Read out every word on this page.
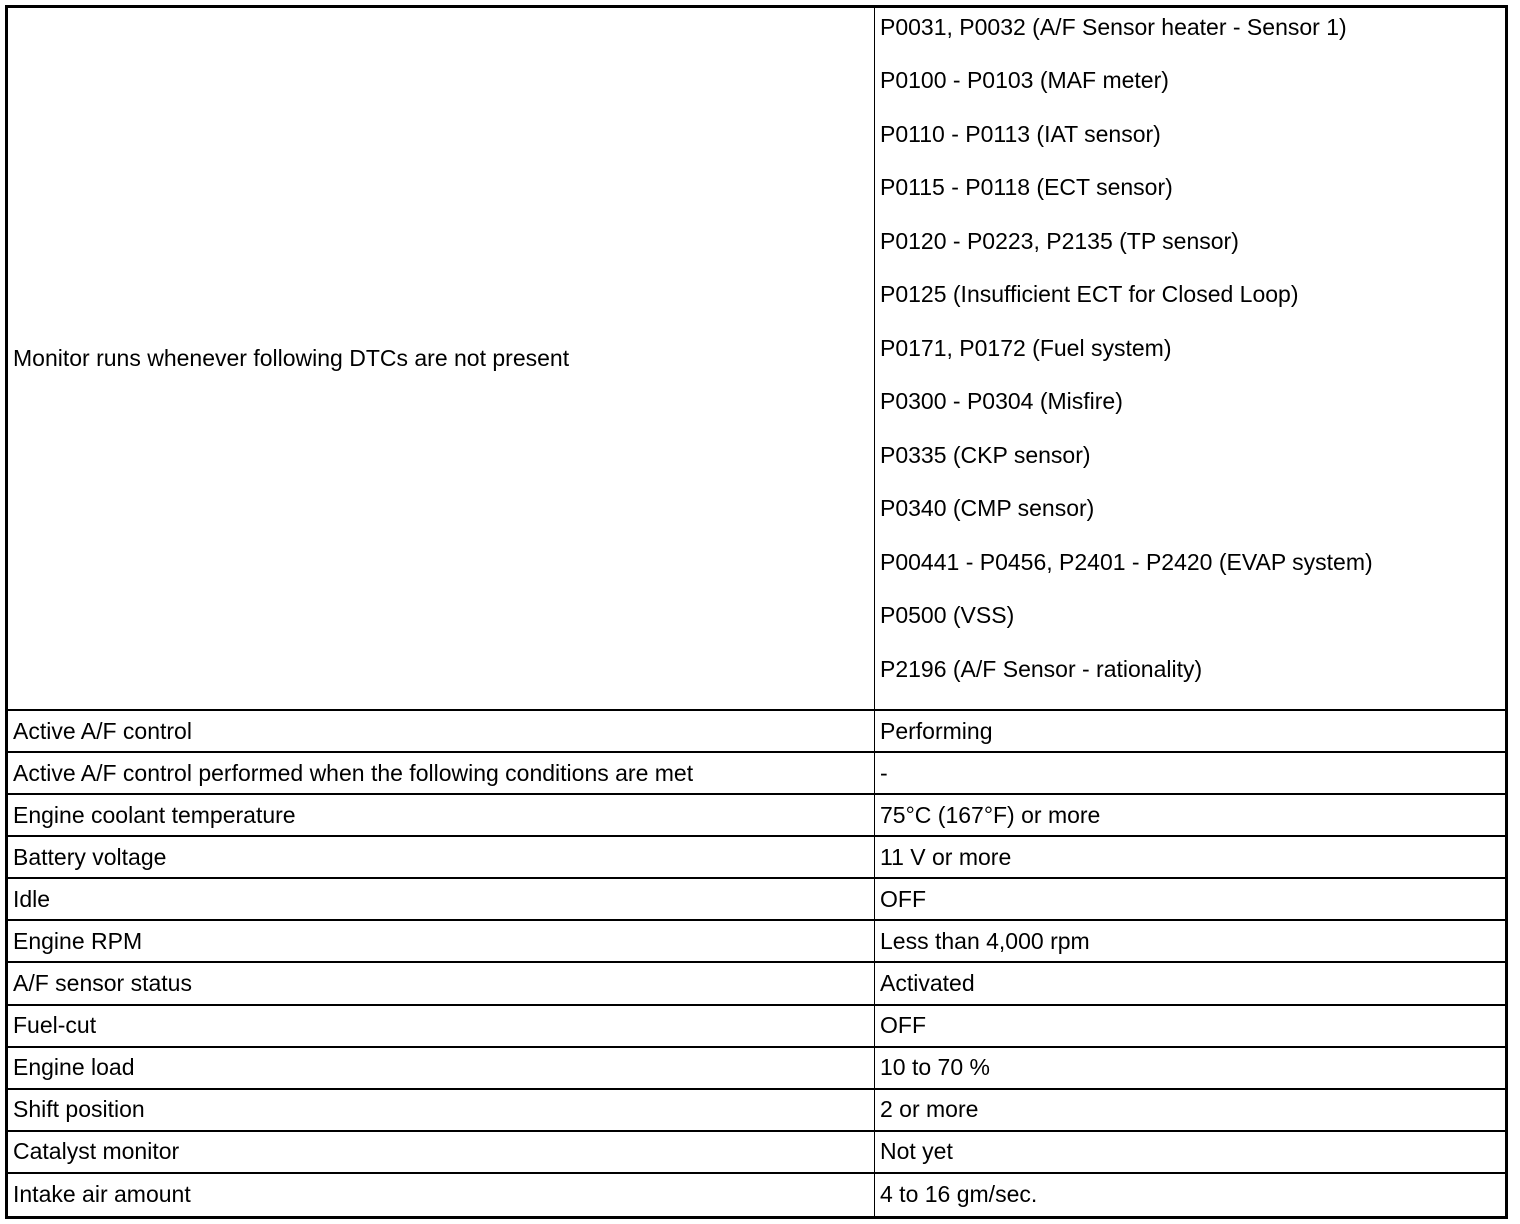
Monitor runs whenever following DTCs are not present
P0031, P0032 (A/F Sensor heater - Sensor 1)
P0100 - P0103 (MAF meter)
P0110 - P0113 (IAT sensor)
P0115 - P0118 (ECT sensor)
P0120 - P0223, P2135 (TP sensor)
P0125 (Insufficient ECT for Closed Loop)
P0171, P0172 (Fuel system)
P0300 - P0304 (Misfire)
P0335 (CKP sensor)
P0340 (CMP sensor)
P00441 - P0456, P2401 - P2420 (EVAP system)
P0500 (VSS)
P2196 (A/F Sensor - rationality)
Active A/F control	Performing
Active A/F control performed when the following conditions are met	-
Engine coolant temperature	75°C (167°F) or more
Battery voltage	11 V or more
Idle	OFF
Engine RPM	Less than 4,000 rpm
A/F sensor status	Activated
Fuel-cut	OFF
Engine load	10 to 70 %
Shift position	2 or more
Catalyst monitor	Not yet
Intake air amount	4 to 16 gm/sec.
